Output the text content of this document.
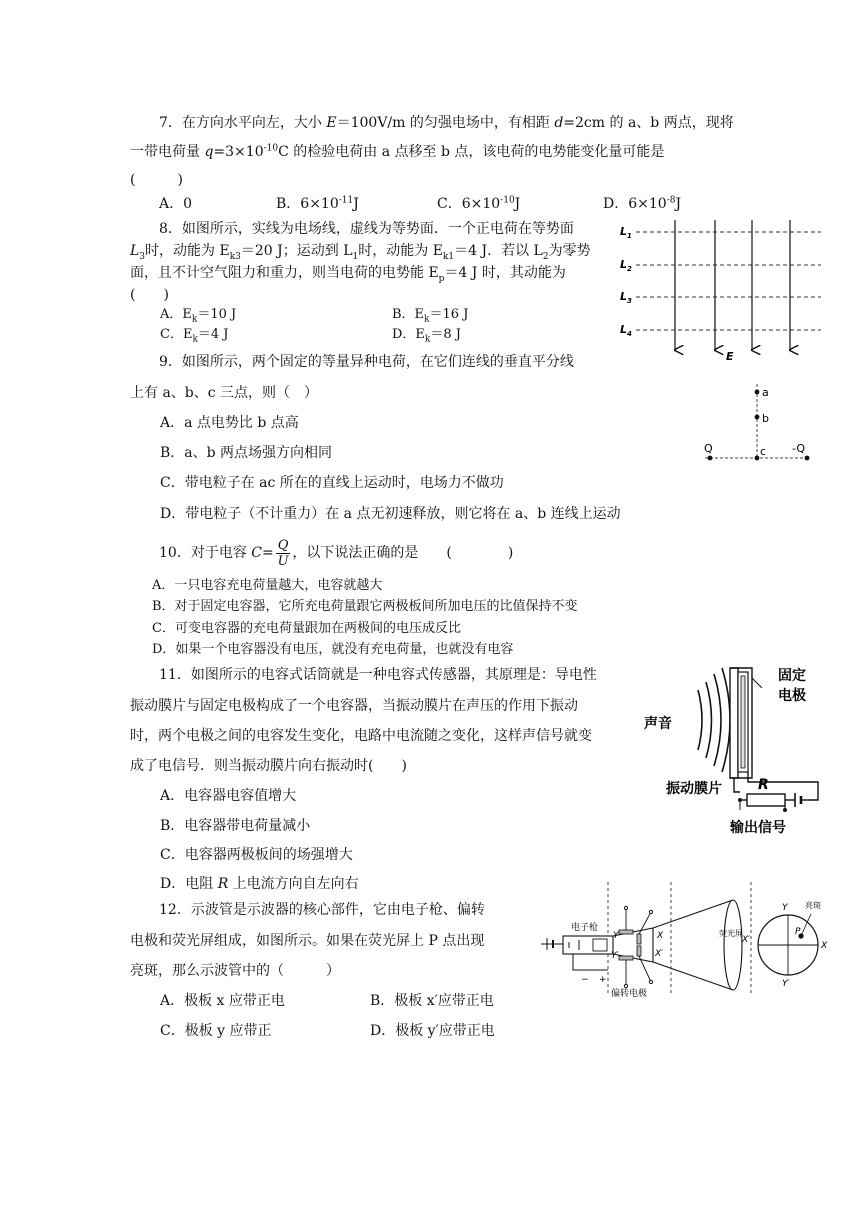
7．在方向水平向左，大小 E＝100V/m 的匀强电场中，有相距 d=2cm 的 a、b 两点，现将
一带电荷量 $q=3\times 10^{-10}C$ 的检验电荷由 a 点移至 b 点，该电荷的电势能变化量可能是
(　　　)
A．0	B．$6\times 10^{-11}J$	C．$6\times 10^{-10}J$	D．$6\times 10^{-8}J$
8．如图所示，实线为电场线，虚线为等势面．一个正电荷在等势面
$L_3$时，动能为 $E_{k3}=20$ J；运动到 $L_1$时，动能为 $E_{k1}=4$ J．若以 $L_2$为零势
面，且不计空气阻力和重力，则当电荷的电势能 $E_p=4$ J 时，其动能为
(　　)
A．$E_k=10$ J	B．$E_k=16$ J
C．$E_k=4$ J	D．$E_k=8$ J
$L_1$
$L_2$
$L_3$
$L_4$
E
9．如图所示，两个固定的等量异种电荷，在它们连线的垂直平分线
上有 a、b、c 三点，则（　）
A．a 点电势比 b 点高
B．a、b 两点场强方向相同
C．带电粒子在 ac 所在的直线上运动时，电场力不做功
D．带电粒子（不计重力）在 a 点无初速释放，则它将在 a、b 连线上运动
a
b
c
Q	-Q
10．对于电容 $C= \frac{Q}{U}$ ，以下说法正确的是　　(　　　　)
A．一只电容充电荷量越大，电容就越大
B．对于固定电容器，它所充电荷量跟它两极板间所加电压的比值保持不变
C．可变电容器的充电荷量跟加在两极间的电压成反比
D．如果一个电容器没有电压，就没有充电荷量，也就没有电容
11．如图所示的电容式话筒就是一种电容式传感器，其原理是：导电性
振动膜片与固定电极构成了一个电容器，当振动膜片在声压的作用下振动
时，两个电极之间的电容发生变化，电路中电流随之变化，这样声信号就变
成了电信号．则当振动膜片向右振动时(　　)
A．电容器电容值增大
B．电容器带电荷量减小
C．电容器两极板间的场强增大
D．电阻 R 上电流方向自左向右
声音
固定
电极
振动膜片	R
输出信号
12．示波管是示波器的核心部件，它由电子枪、偏转
电极和荧光屏组成，如图所示。如果在荧光屏上 P 点出现
亮斑，那么示波管中的（　　　）
A．极板 x 应带正电	B．极板 x′应带正电
C．极板 y 应带正	D．极板 y′应带正电
电子枪
偏转电极
荧光屏
亮斑
− +
Y
Y′
X
X′
Y
Y′
X
X′
P
